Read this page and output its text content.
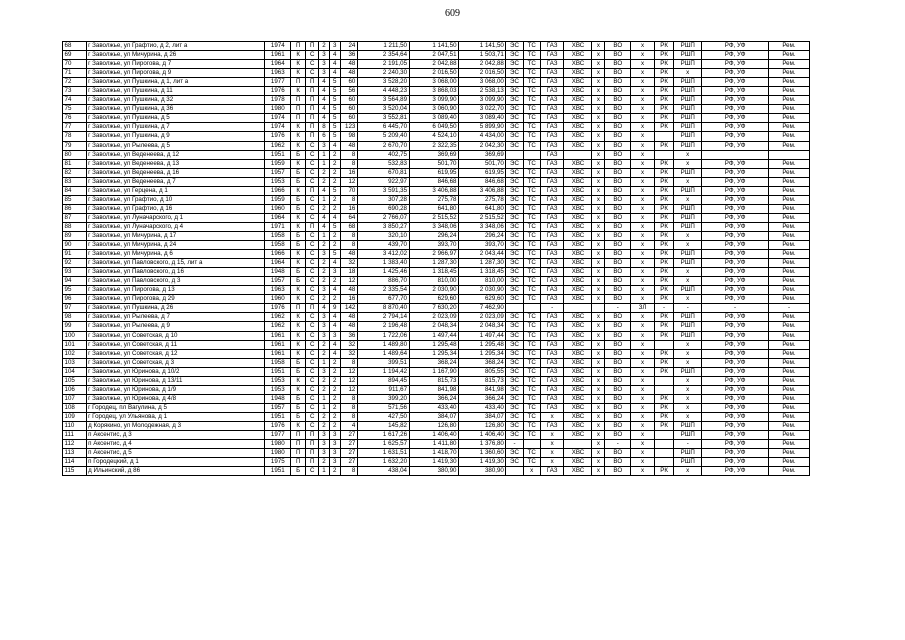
609
68	г Заволжье, ул Графтио, д 2, лит а	1974	П	П	2	3	24	1 211,50	1 141,50	1 141,50	ЭС	ТС	ГАЗ	ХВС	х	ВО	х	РК	РШП	РФ, УФ	Рем.
69	г Заволжье, ул Мичурина, д 26	1961	К	С	3	4	36	2 354,64	2 047,51	1 503,71	ЭС	ТС	ГАЗ	ХВС	х	ВО	х	РК	РШП	РФ, УФ	Рем.
70	г Заволжье, ул Пирогова, д 7	1964	К	С	3	4	48	2 191,05	2 042,88	2 042,88	ЭС	ТС	ГАЗ	ХВС	х	ВО	х	РК	РШП	РФ, УФ	Рем.
71	г Заволжье, ул Пирогова, д 9	1963	К	С	3	4	48	2 240,30	2 016,50	2 016,50	ЭС	ТС	ГАЗ	ХВС	х	ВО	х	РК	х	РФ, УФ	Рем.
72	г Заволжье, ул Пушкина, д 1, лит а	1977	П	П	4	5	60	3 528,20	3 068,00	3 068,00	ЭС	ТС	ГАЗ	ХВС	х	ВО	х	РК	РШП	РФ, УФ	Рем.
73	г Заволжье, ул Пушкина, д 11	1976	К	П	4	5	56	4 448,23	3 868,03	2 538,13	ЭС	ТС	ГАЗ	ХВС	х	ВО	х	РК	РШП	РФ, УФ	Рем.
74	г Заволжье, ул Пушкина, д 32	1978	П	П	4	5	60	3 564,89	3 099,90	3 099,90	ЭС	ТС	ГАЗ	ХВС	х	ВО	х	РК	РШП	РФ, УФ	Рем.
75	г Заволжье, ул Пушкина, д 36	1980	П	П	4	5	60	3 520,04	3 060,90	3 022,70	ЭС	ТС	ГАЗ	ХВС	х	ВО	х	РК	РШП	РФ, УФ	Рем.
76	г Заволжье, ул Пушкина, д 5	1974	П	П	4	5	60	3 552,81	3 089,40	3 089,40	ЭС	ТС	ГАЗ	ХВС	х	ВО	х	РК	РШП	РФ, УФ	Рем.
77	г Заволжье, ул Пушкина, д 7	1974	К	П	8	5	123	6 445,70	6 049,50	5 899,90	ЭС	ТС	ГАЗ	ХВС	х	ВО	х	РК	РШП	РФ, УФ	Рем.
78	г Заволжье, ул Пушкина, д 9	1976	К	П	6	5	98	5 209,40	4 524,10	4 434,00	ЭС	ТС	ГАЗ	ХВС	х	ВО	х		РШП	РФ, УФ	Рем.
79	г Заволжье, ул Рылеева, д 5	1962	К	С	3	4	48	2 670,70	2 322,35	2 042,30	ЭС	ТС	ГАЗ	ХВС	х	ВО	х	РК	РШП	РФ, УФ	Рем.
80	г Заволжье, ул Веденеева, д 12	1951	Б	С	1	2	8	402,75	369,69	369,69			ГАЗ		х	ВО	х		х		
81	г Заволжье, ул Веденеева, д 13	1959	К	С	1	2	8	532,83	501,70	501,70	ЭС	ТС	ГАЗ	ХВС	х	ВО	х	РК	х	РФ, УФ	Рем.
82	г Заволжье, ул Веденеева, д 16	1957	Б	С	2	2	16	670,81	619,95	619,95	ЭС	ТС	ГАЗ	ХВС	х	ВО	х	РК	РШП	РФ, УФ	Рем.
83	г Заволжье, ул Веденеева, д 7	1953	Б	С	2	2	12	922,97	846,68	846,68	ЭС	ТС	ГАЗ	ХВС	х	ВО	х	РК	х	РФ, УФ	Рем.
84	г Заволжье, ул Герцена, д 1	1966	К	П	4	5	70	3 591,35	3 406,88	3 406,88	ЭС	ТС	ГАЗ	ХВС	х	ВО	х	РК	РШП	РФ, УФ	Рем.
85	г Заволжье, ул Графтио, д 10	1959	Б	С	1	2	8	307,28	275,78	275,78	ЭС	ТС	ГАЗ	ХВС	х	ВО	х	РК	х	РФ, УФ	Рем.
86	г Заволжье, ул Графтио, д 16	1960	Б	С	2	2	16	690,28	641,80	641,80	ЭС	ТС	ГАЗ	ХВС	х	ВО	х	РК	РШП	РФ, УФ	Рем.
87	г Заволжье, ул Луначарского, д 1	1964	К	С	4	4	64	2 766,07	2 515,52	2 515,52	ЭС	ТС	ГАЗ	ХВС	х	ВО	х	РК	РШП	РФ, УФ	Рем.
88	г Заволжье, ул Луначарского, д 4	1971	К	П	4	5	68	3 850,27	3 348,06	3 348,06	ЭС	ТС	ГАЗ	ХВС	х	ВО	х	РК	РШП	РФ, УФ	Рем.
89	г Заволжье, ул Мичурина, д 17	1958	Б	С	1	2	8	320,10	296,24	296,24	ЭС	ТС	ГАЗ	ХВС	х	ВО	х	РК	х	РФ, УФ	Рем.
90	г Заволжье, ул Мичурина, д 24	1958	Б	С	2	2	8	439,70	393,70	393,70	ЭС	ТС	ГАЗ	ХВС	х	ВО	х	РК	х	РФ, УФ	Рем.
91	г Заволжье, ул Мичурина, д 6	1966	К	С	3	5	48	3 412,02	2 966,97	2 043,44	ЭС	ТС	ГАЗ	ХВС	х	ВО	х	РК	РШП	РФ, УФ	Рем.
92	г Заволжье, ул Павловского, д 15, лит а	1964	К	С	2	4	32	1 383,40	1 287,30	1 287,30	ЭС	ТС	ГАЗ	ХВС	х	ВО	х	РК	РШП	РФ, УФ	Рем.
93	г Заволжье, ул Павловского, д 16	1948	Б	С	2	3	18	1 425,46	1 318,45	1 318,45	ЭС	ТС	ГАЗ	ХВС	х	ВО	х	РК	х	РФ, УФ	Рем.
94	г Заволжье, ул Павловского, д 3	1957	Б	С	2	2	12	886,70	810,00	810,00	ЭС	ТС	ГАЗ	ХВС	х	ВО	х	РК	х	РФ, УФ	Рем.
95	г Заволжье, ул Пирогова, д 13	1963	К	С	3	4	48	2 335,54	2 030,90	2 030,90	ЭС	ТС	ГАЗ	ХВС	х	ВО	х	РК	РШП	РФ, УФ	Рем.
96	г Заволжье, ул Пирогова, д 29	1960	К	С	2	2	16	677,70	629,60	629,60	ЭС	ТС	ГАЗ	ХВС	х	ВО	х	РК	х	РФ, УФ	Рем.
97	г Заволжье, ул Пушкина, д 26	1976	П	П	4	9	142	8 870,40	7 630,20	7 462,90			-			-	ЗЛ	-	-	-	-
98	г Заволжье, ул Рылеева, д 7	1962	К	С	3	4	48	2 794,14	2 023,09	2 023,09	ЭС	ТС	ГАЗ	ХВС	х	ВО	х	РК	РШП	РФ, УФ	Рем.
99	г Заволжье, ул Рылеева, д 9	1962	К	С	3	4	48	2 196,48	2 048,34	2 048,34	ЭС	ТС	ГАЗ	ХВС	х	ВО	х	РК	РШП	РФ, УФ	Рем.
100	г Заволжье, ул Советская, д 10	1961	К	С	3	3	36	1 722,06	1 497,44	1 497,44	ЭС	ТС	ГАЗ	ХВС	х	ВО	х	РК	РШП	РФ, УФ	Рем.
101	г Заволжье, ул Советская, д 11	1961	К	С	2	4	32	1 489,80	1 295,48	1 295,48	ЭС	ТС	ГАЗ	ХВС	х	ВО	х		х	РФ, УФ	Рем.
102	г Заволжье, ул Советская, д 12	1961	К	С	2	4	32	1 489,64	1 295,34	1 295,34	ЭС	ТС	ГАЗ	ХВС	х	ВО	х	РК	х	РФ, УФ	Рем.
103	г Заволжье, ул Советская, д 3	1958	Б	С	1	2	8	399,51	368,24	368,24	ЭС	ТС	ГАЗ	ХВС	х	ВО	х	РК	х	РФ, УФ	Рем.
104	г Заволжье, ул Юринова, д 10/2	1951	Б	С	3	2	12	1 194,42	1 167,90	805,55	ЭС	ТС	ГАЗ	ХВС	х	ВО	х	РК	РШП	РФ, УФ	Рем.
105	г Заволжье, ул Юринова, д 13/11	1953	К	С	2	2	12	894,45	815,73	815,73	ЭС	ТС	ГАЗ	ХВС	х	ВО	х		х	РФ, УФ	Рем.
106	г Заволжье, ул Юринова, д 1/9	1953	К	С	2	2	12	911,67	841,98	841,98	ЭС	ТС	ГАЗ	ХВС	х	ВО	х		х	РФ, УФ	Рем.
107	г Заволжье, ул Юринова, д 4/8	1948	Б	С	1	2	8	399,20	366,24	366,24	ЭС	ТС	ГАЗ	ХВС	х	ВО	х	РК	х	РФ, УФ	Рем.
108	г Городец, пл Вагулина, д 5	1957	Б	С	1	2	8	571,56	433,40	433,40	ЭС	ТС	ГАЗ	ХВС	х	ВО	х	РК	х	РФ, УФ	Рем.
109	г Городец, ул Ульянова, д 1	1951	Б	С	2	2	8	427,50	384,07	384,07	ЭС	ТС	х	ХВС	х	ВО	х	РК	х	РФ, УФ	Рем.
110	д Корякино, ул Молодежная, д 3	1976	К	С	2	2	4	145,82	126,80	126,80	ЭС	ТС	ГАЗ	ХВС	х	ВО	х	РК	РШП	РФ, УФ	Рем.
111	п Аксентис, д 3	1977	П	П	3	3	27	1 617,26	1 406,40	1 406,40	ЭС	ТС	х	ХВС	х	ВО	х		РШП	РФ, УФ	Рем.
112	п Аксентис, д 4	1980	П	П	3	3	27	1 625,57	1 411,80	1 376,80	-		х		х	-	х		-	РФ, УФ	Рем.
113	п Аксентис, д 5	1980	П	П	3	3	27	1 631,51	1 418,70	1 360,60	ЭС	ТС	х	ХВС	х	ВО	х		РШП	РФ, УФ	Рем.
114	п Городецкий, д 1	1975	П	П	2	3	27	1 632,20	1 419,30	1 419,30	ЭС	ТС	х	ХВС	х	ВО	х		РШП	РФ, УФ	Рем.
115	д Ильинский, д 86	1951	Б	С	1	2	8	438,04	380,90	380,90		х	ГАЗ	ХВС	х	ВО	х	РК	х	РФ, УФ	Рем.
